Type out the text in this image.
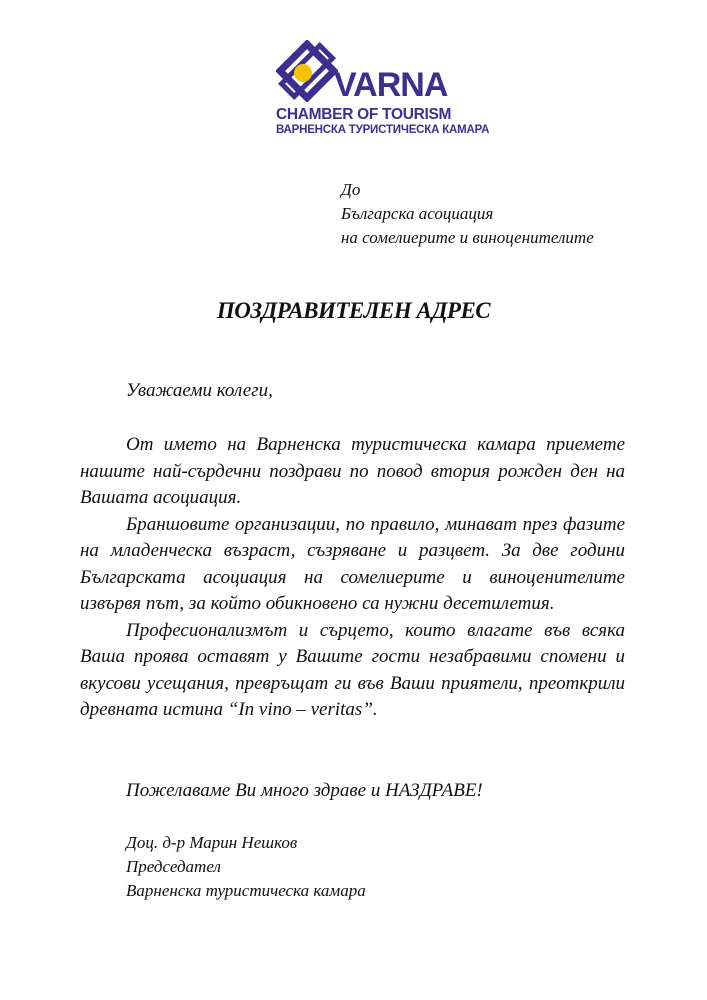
VARNA
CHAMBER OF TOURISM
ВАРНЕНСКА ТУРИСТИЧЕСКА КАМАРА
До
Българска асоциация
на сомелиерите и виноценителите
ПОЗДРАВИТЕЛЕН АДРЕС
Уважаеми колеги,

От името на Варненска туристическа камара приемете нашите най-сърдечни поздрави по повод втория рожден ден на Вашата асоциация.

Браншовите организации, по правило, минават през фазите на младенческа възраст, съзряване и разцвет. За две години Българската асоциация на сомелиерите и виноценителите извървя път, за който обикновено са нужни десетилетия.

Професионализмът и сърцето, които влагате във всяка Ваша проява оставят у Вашите гости незабравими спомени и вкусови усещания, превръщат ги във Ваши приятели, преоткрили древната истина “In vino – veritas”.

Пожелаваме Ви много здраве и НАЗДРАВЕ!
Доц. д-р Марин Нешков
Председател
Варненска туристическа камара
